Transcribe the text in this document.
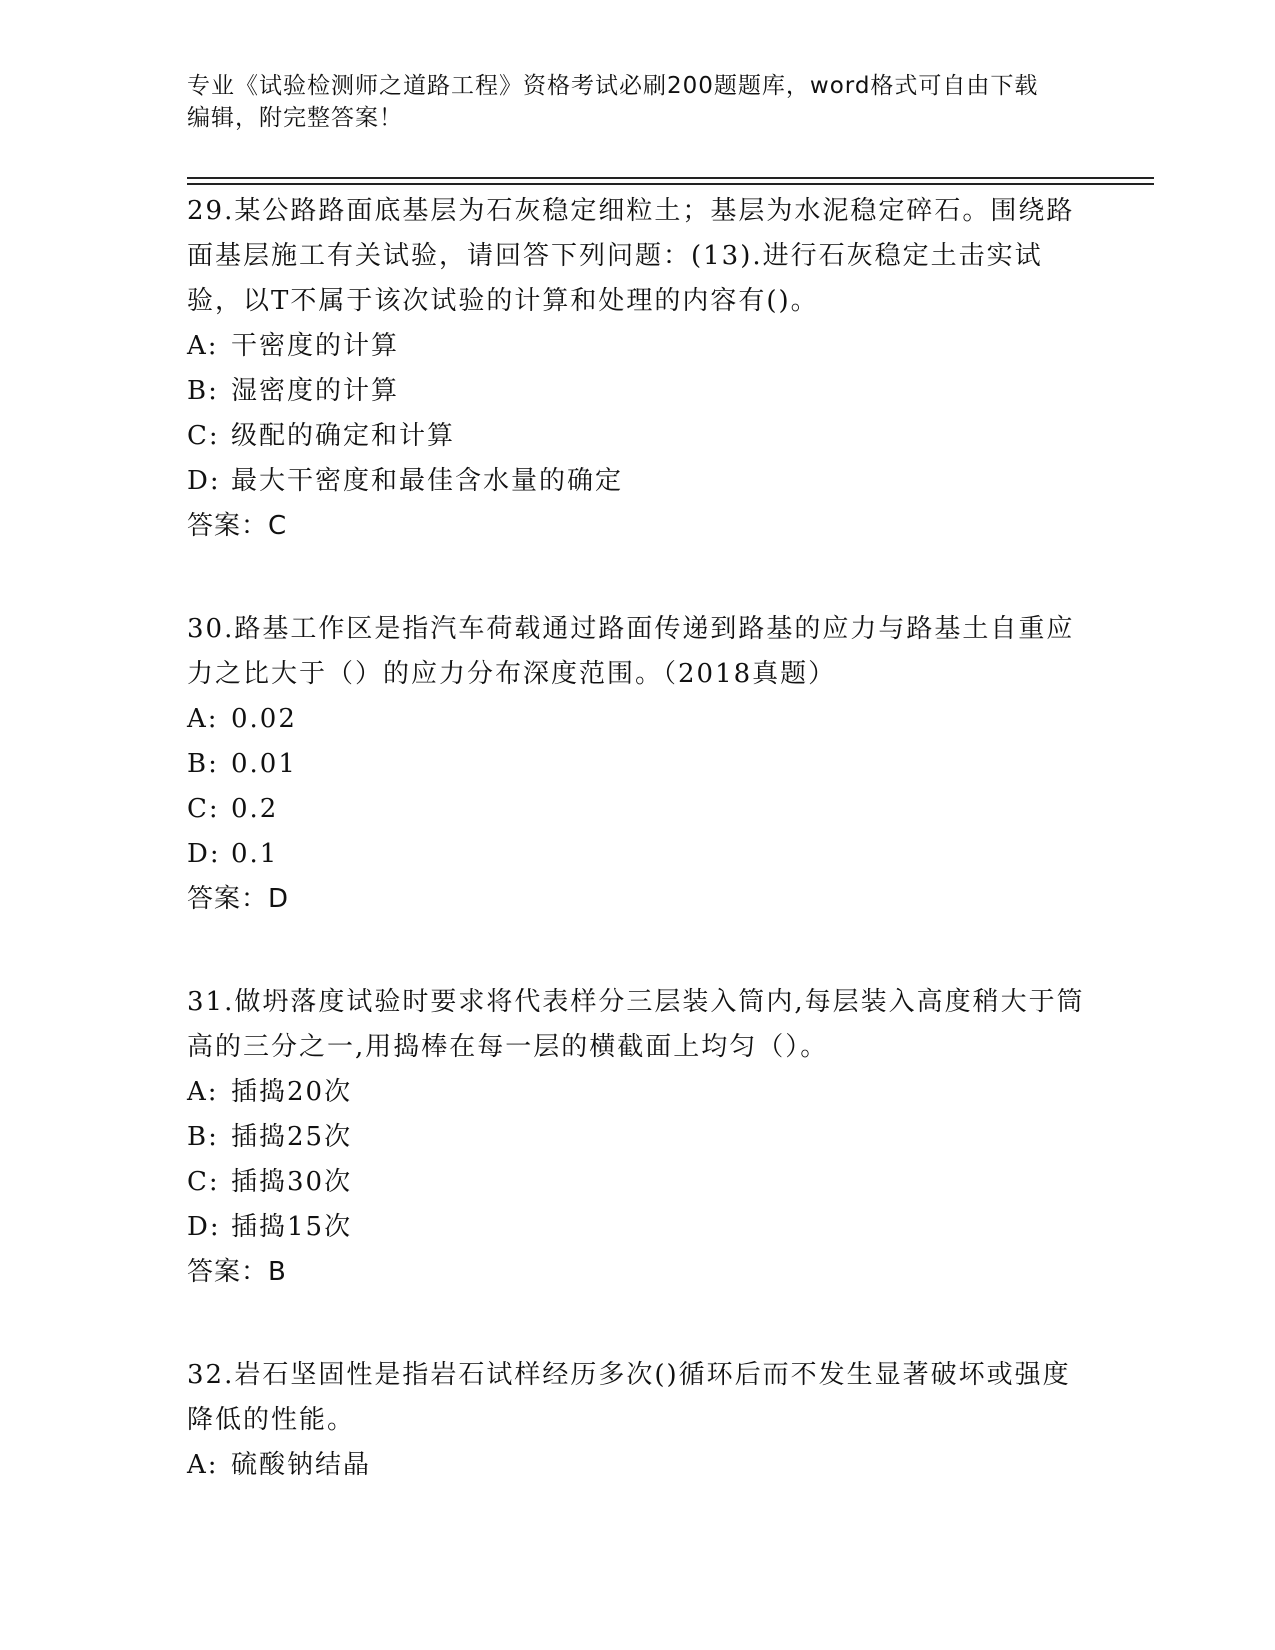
专业《试验检测师之道路工程》资格考试必刷200题题库，word格式可自由下载
编辑，附完整答案！

29.某公路路面底基层为石灰稳定细粒土；基层为水泥稳定碎石。围绕路面基层施工有关试验，请回答下列问题：(13).进行石灰稳定土击实试验，以T不属于该次试验的计算和处理的内容有()。

A: 干密度的计算
B: 湿密度的计算
C: 级配的确定和计算
D: 最大干密度和最佳含水量的确定

答案：C

30.路基工作区是指汽车荷载通过路面传递到路基的应力与路基土自重应力之比大于（）的应力分布深度范围。（2018真题）

A: 0.02
B: 0.01
C: 0.2
D: 0.1

答案：D

31.做坍落度试验时要求将代表样分三层装入筒内,每层装入高度稍大于筒高的三分之一,用捣棒在每一层的横截面上均匀（）。

A: 插捣20次
B: 插捣25次
C: 插捣30次
D: 插捣15次

答案：B

32.岩石坚固性是指岩石试样经历多次()循环后而不发生显著破坏或强度降低的性能。

A: 硫酸钠结晶
